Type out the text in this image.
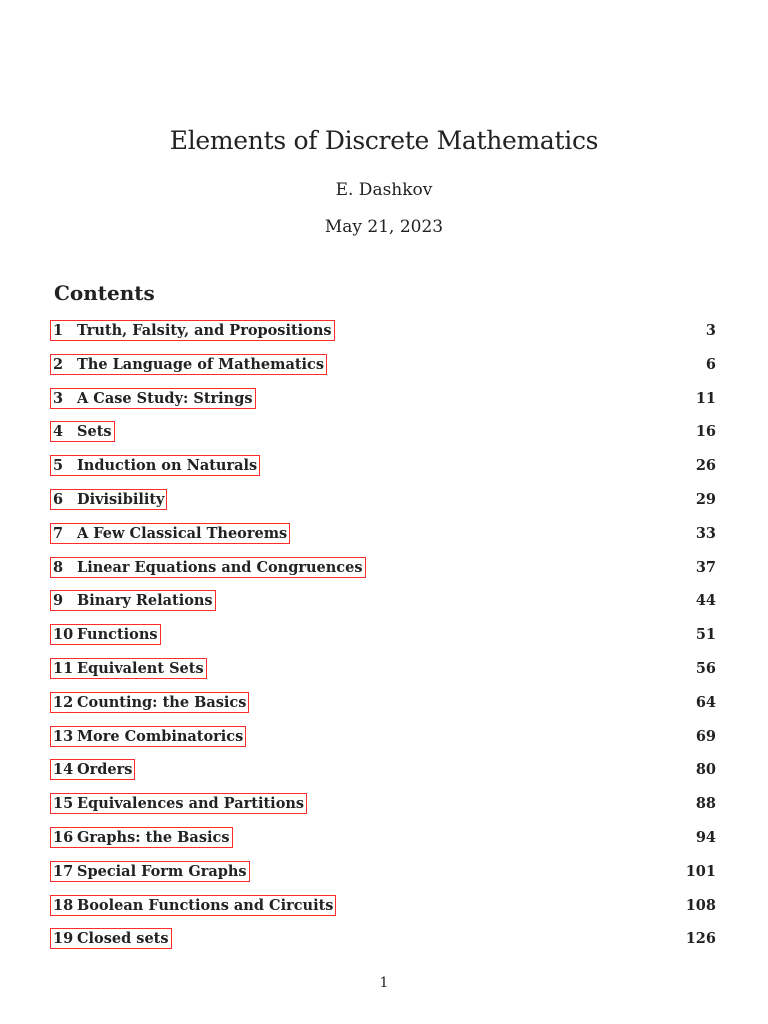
Elements of Discrete Mathematics
E. Dashkov
May 21, 2023
Contents
1 Truth, Falsity, and Propositions	3
2 The Language of Mathematics	6
3 A Case Study: Strings	11
4 Sets	16
5 Induction on Naturals	26
6 Divisibility	29
7 A Few Classical Theorems	33
8 Linear Equations and Congruences	37
9 Binary Relations	44
10 Functions	51
11 Equivalent Sets	56
12 Counting: the Basics	64
13 More Combinatorics	69
14 Orders	80
15 Equivalences and Partitions	88
16 Graphs: the Basics	94
17 Special Form Graphs	101
18 Boolean Functions and Circuits	108
19 Closed sets	126
1
